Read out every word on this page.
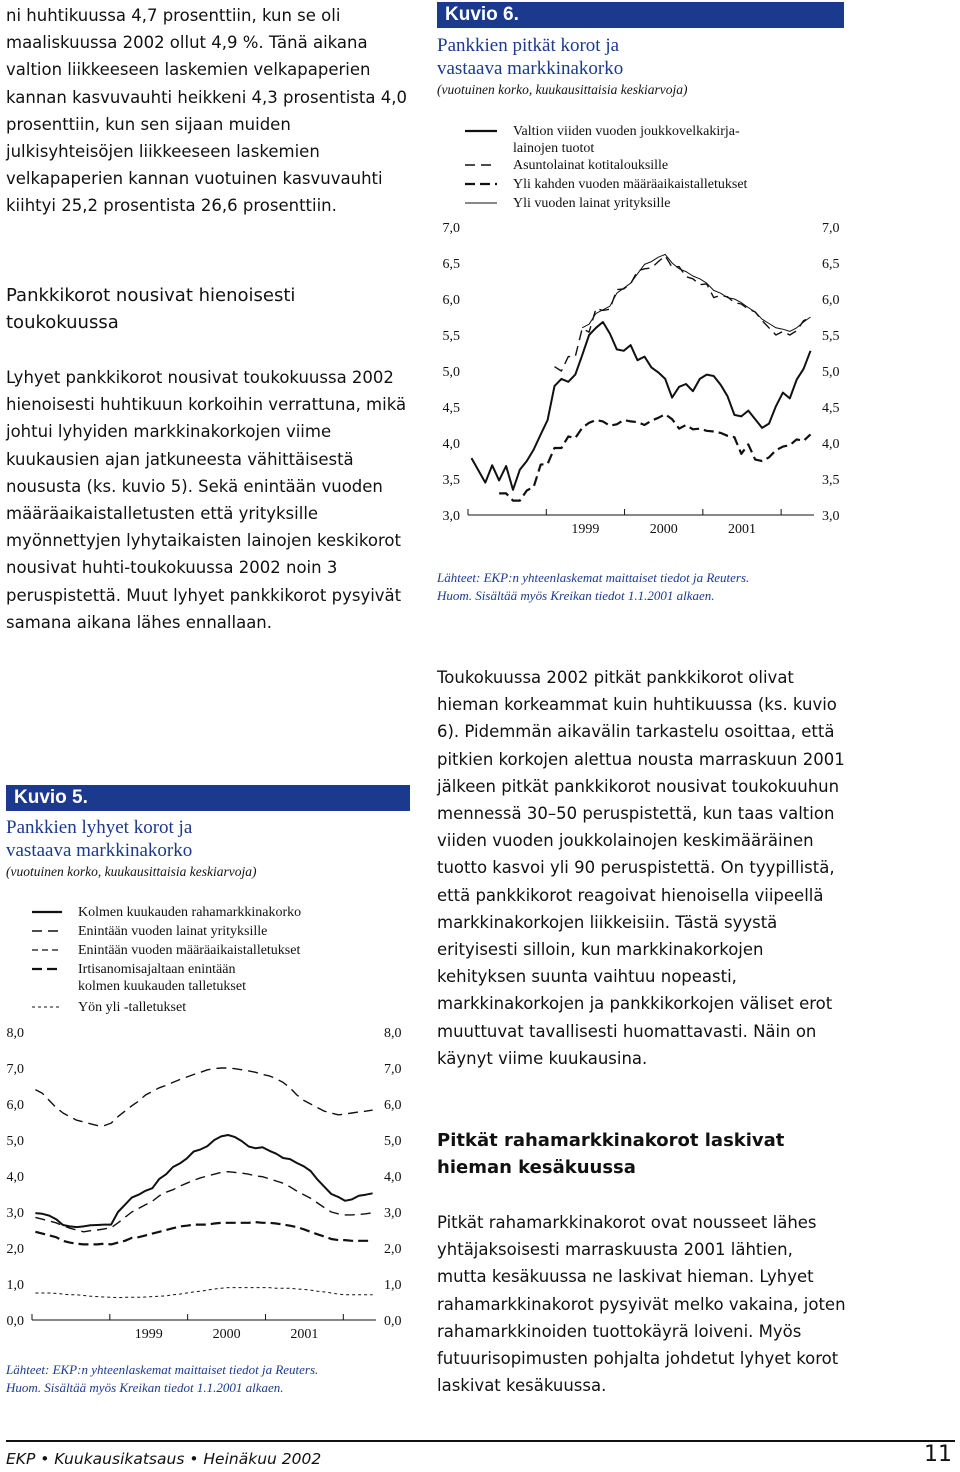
ni huhtikuussa 4,7 prosenttiin, kun se oli maaliskuussa 2002 ollut 4,9 %. Tänä aikana valtion liikkeeseen laskemien velkapaperien kannan kasvuvauhti heikkeni 4,3 prosentista 4,0 prosenttiin, kun sen sijaan muiden julkisyhteisöjen liikkeeseen laskemien velkapaperien kannan vuotuinen kasvuvauhti kiihtyi 25,2 prosentista 26,6 prosenttiin.

Pankkikorot nousivat hienoisesti toukokuussa

Lyhyet pankkikorot nousivat toukokuussa 2002 hienoisesti huhtikuun korkoihin verrattuna, mikä johtui lyhyiden markkinakorkojen viime kuukausien ajan jatkuneesta vähittäisestä noususta (ks. kuvio 5). Sekä enintään vuoden määräaikaistalletusten että yrityksille myönnettyjen lyhytaikaisten lainojen keskikorot nousivat huhti-toukokuussa 2002 noin 3 peruspistettä. Muut lyhyet pankkikorot pysyivät samana aikana lähes ennallaan.

Toukokuussa 2002 pitkät pankkikorot olivat hieman korkeammat kuin huhtikuussa (ks. kuvio 6). Pidemmän aikavälin tarkastelu osoittaa, että pitkien korkojen alettua nousta marraskuun 2001 jälkeen pitkät pankkikorot nousivat toukokuuhun mennessä 30–50 peruspistettä, kun taas valtion viiden vuoden joukkolainojen keskimääräinen tuotto kasvoi yli 90 peruspistettä. On tyypillistä, että pankkikorot reagoivat hienoisella viipeellä markkinakorkojen liikkeisiin. Tästä syystä erityisesti silloin, kun markkinakorkojen kehityksen suunta vaihtuu nopeasti, markkinakorkojen ja pankkikorkojen väliset erot muuttuvat tavallisesti huomattavasti. Näin on käynyt viime kuukausina.

Pitkät rahamarkkinakorot laskivat hieman kesäkuussa

Pitkät rahamarkkinakorot ovat nousseet lähes yhtäjaksoisesti marraskuusta 2001 lähtien, mutta kesäkuussa ne laskivat hieman. Lyhyet rahamarkkinakorot pysyivät melko vakaina, joten rahamarkkinoiden tuottokäyrä loiveni. Myös futuurisopimusten pohjalta johdetut lyhyet korot laskivat kesäkuussa.

Kuvio 6.

Pankkien pitkät korot ja

vastaava markkinakorko

(vuotuinen korko, kuukausittaisia keskiarvoja)

Valtion viiden vuoden joukkovelkakirja-
lainojen tuotot
Asuntolainat kotitalouksille
Yli kahden vuoden määräaikaistalletukset
Yli vuoden lainat yrityksille
7,0	7,0
6,5	6,5
6,0	6,0
5,5	5,5
5,0	5,0
4,5	4,5
4,0	4,0
3,5	3,5
3,0	3,0
1999	2000	2001

Lähteet: EKP:n yhteenlaskemat maittaiset tiedot ja Reuters.

Huom. Sisältää myös Kreikan tiedot 1.1.2001 alkaen.

Kuvio 5.

Pankkien lyhyet korot ja

vastaava markkinakorko

(vuotuinen korko, kuukausittaisia keskiarvoja)

Kolmen kuukauden rahamarkkinakorko
Enintään vuoden lainat yrityksille
Enintään vuoden määräaikaistalletukset
Irtisanomisajaltaan enintään
kolmen kuukauden talletukset
Yön yli -talletukset
8,0	8,0
7,0	7,0
6,0	6,0
5,0	5,0
4,0	4,0
3,0	3,0
2,0	2,0
1,0	1,0
0,0	0,0
1999	2000	2001

Lähteet: EKP:n yhteenlaskemat maittaiset tiedot ja Reuters.

Huom. Sisältää myös Kreikan tiedot 1.1.2001 alkaen.

EKP • Kuukausikatsaus • Heinäkuu 2002	11
